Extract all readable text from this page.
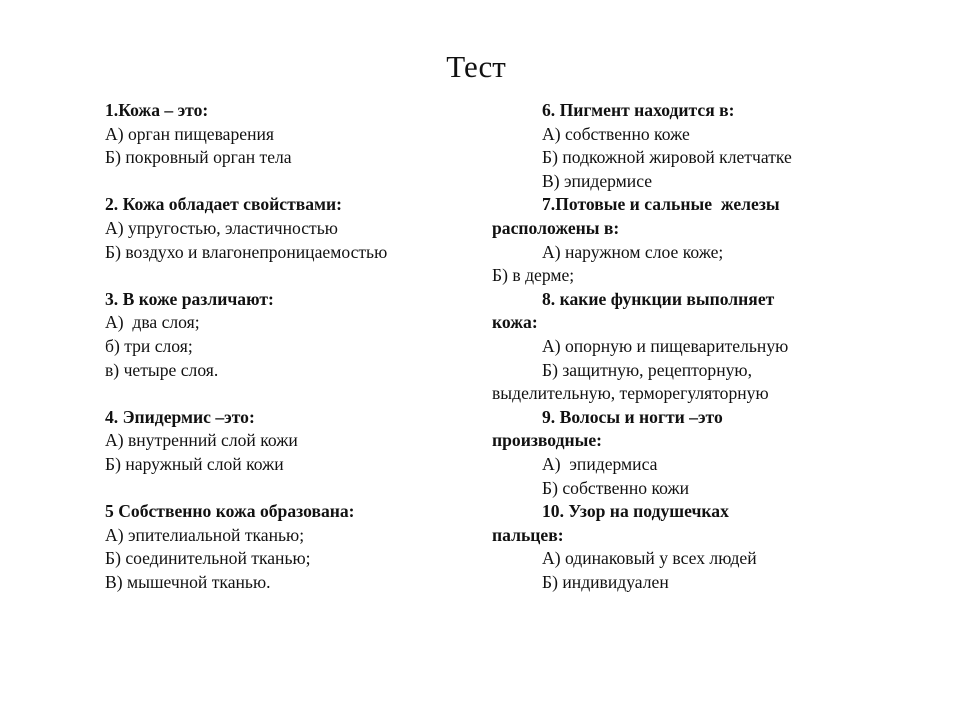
Тест
1.Кожа – это:
А) орган пищеварения
Б) покровный орган тела
2. Кожа обладает свойствами:
А) упругостью, эластичностью
Б) воздухо и влагонепроницаемостью
3. В коже различают:
А)  два слоя;
б) три слоя;
в) четыре слоя.
4. Эпидермис –это:
А) внутренний слой кожи
Б) наружный слой кожи
5 Собственно кожа образована:
А) эпителиальной тканью;
Б) соединительной тканью;
В) мышечной тканью.
6. Пигмент находится в:
А) собственно коже
Б) подкожной жировой клетчатке
В) эпидермисе
7.Потовые и сальные  железы
расположены в:
А) наружном слое коже;
Б) в дерме;
8. какие функции выполняет
кожа:
А) опорную и пищеварительную
Б) защитную, рецепторную,
выделительную, терморегуляторную
9. Волосы и ногти –это
производные:
А)  эпидермиса
Б) собственно кожи
10. Узор на подушечках
пальцев:
А) одинаковый у всех людей
Б) индивидуален
